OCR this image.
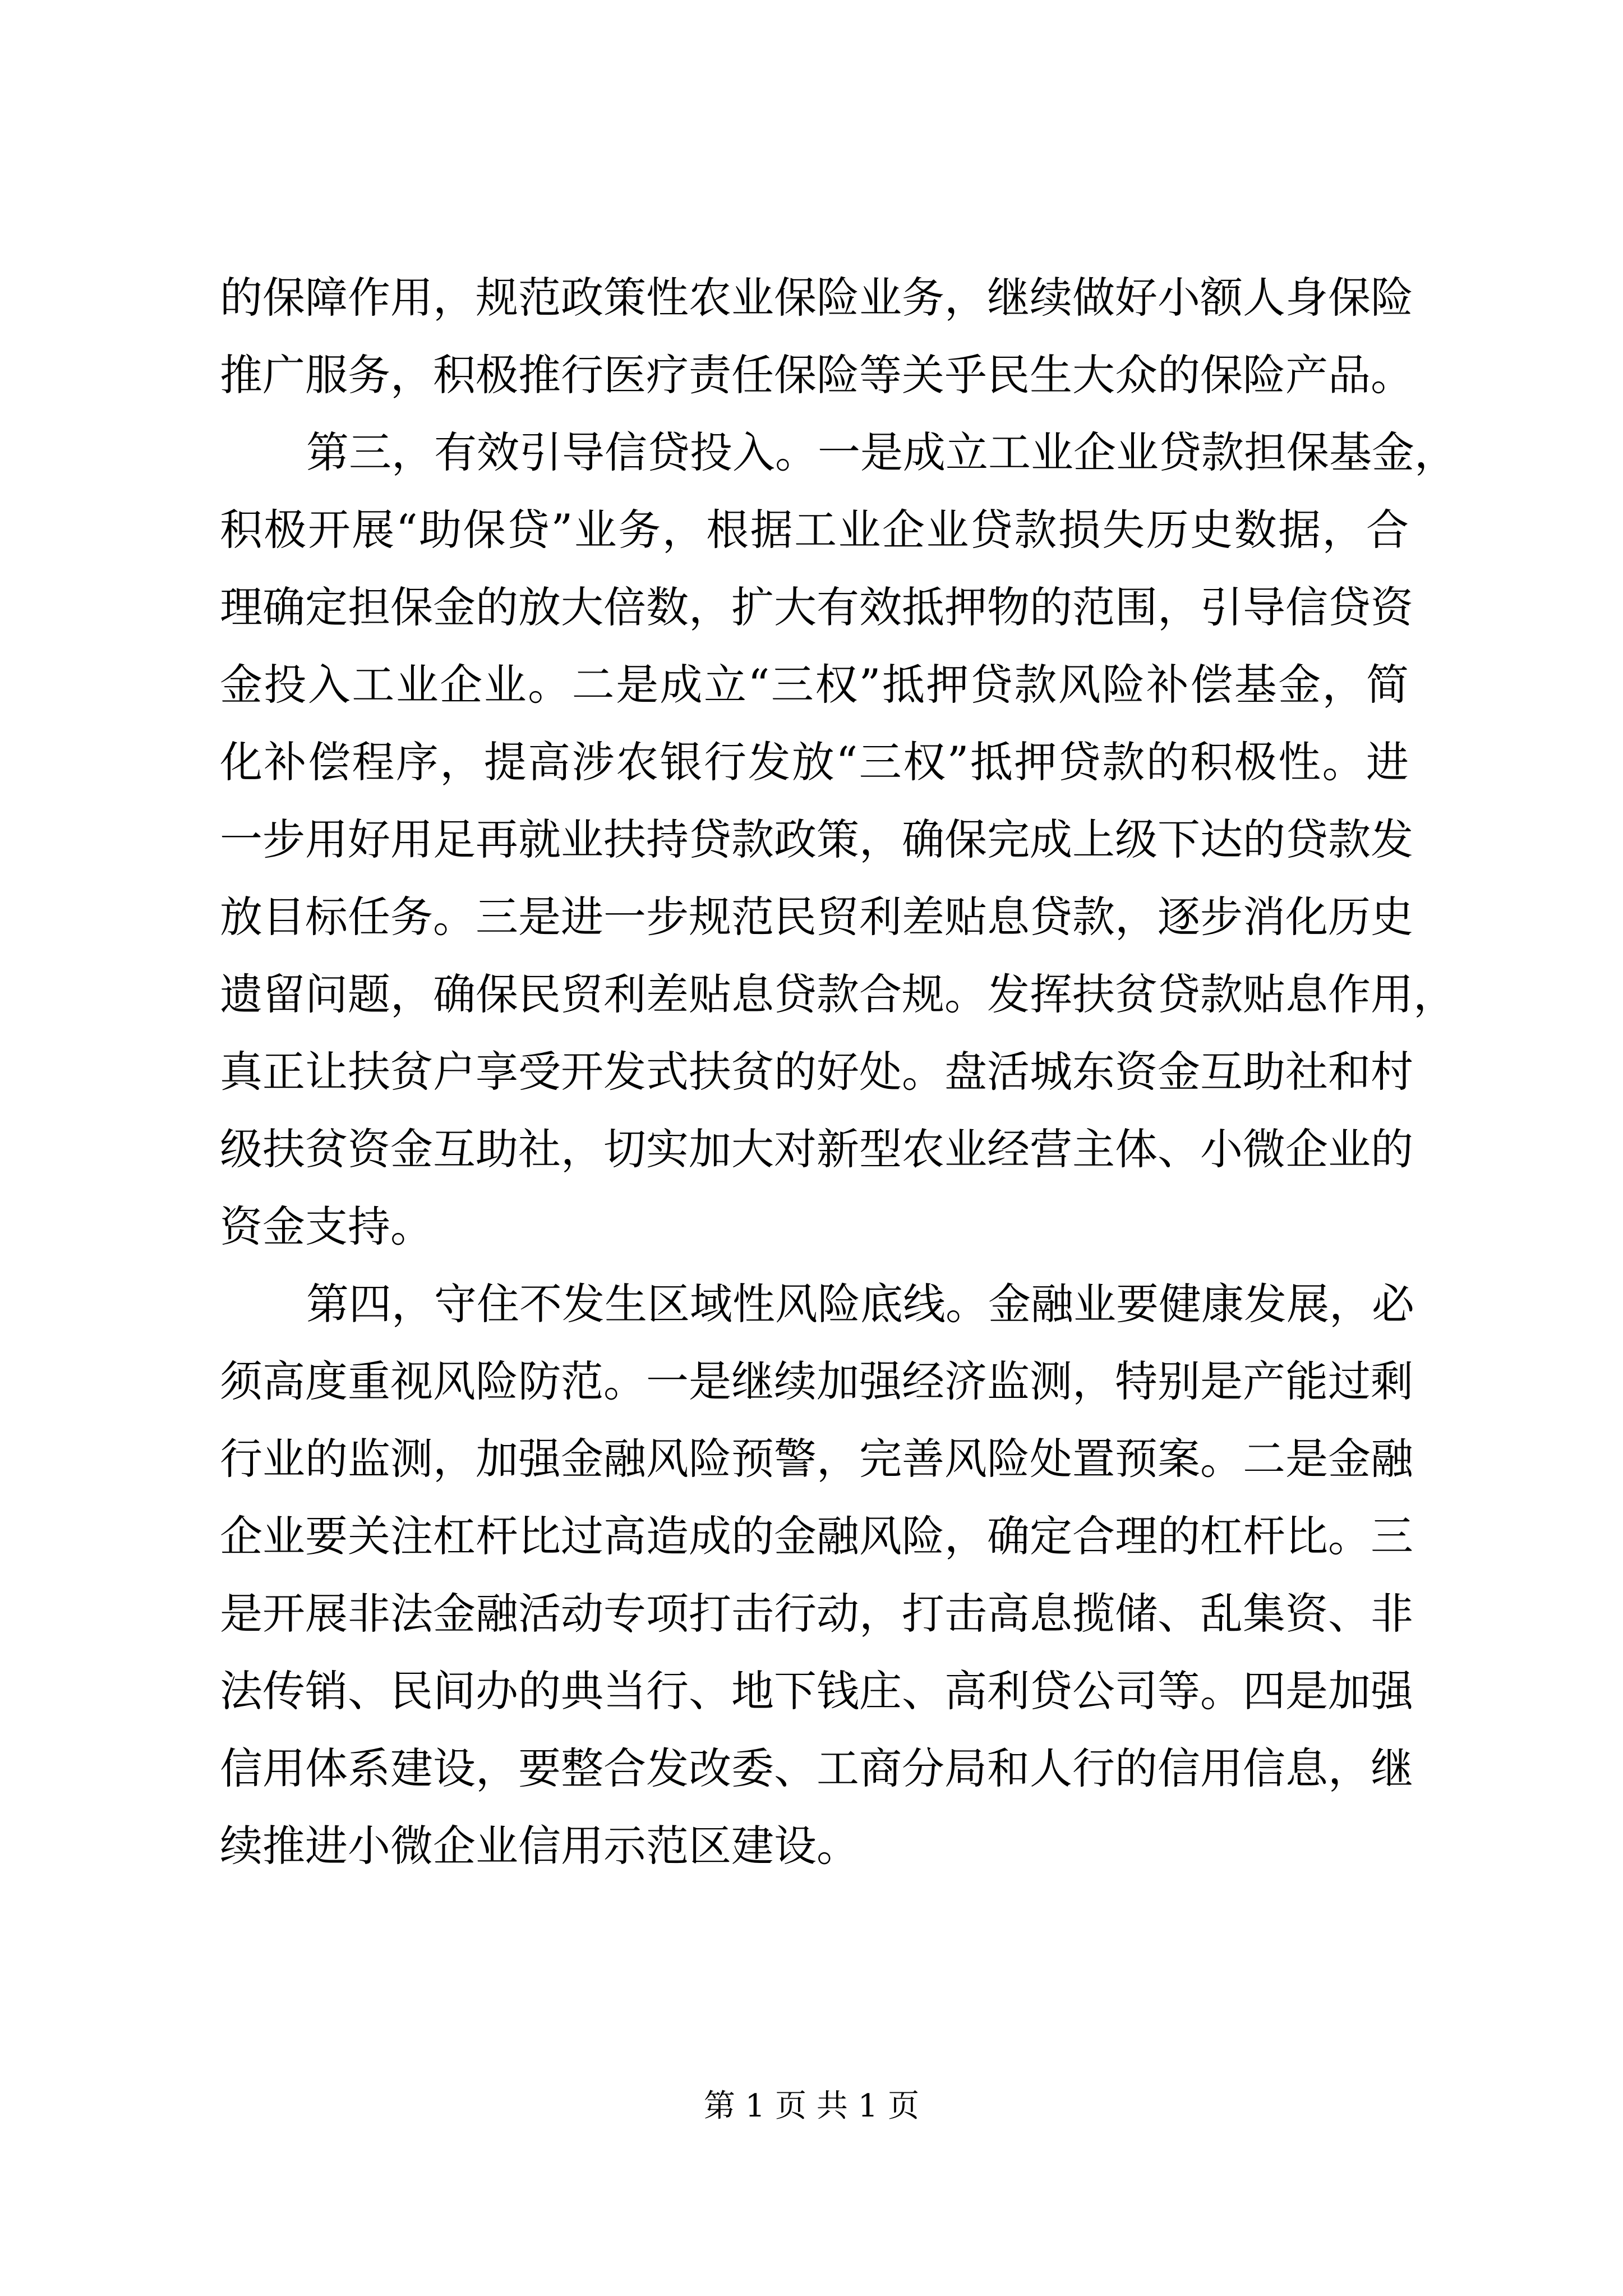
的保障作用，规范政策性农业保险业务，继续做好小额人身保险
推广服务，积极推行医疗责任保险等关乎民生大众的保险产品。
第三，有效引导信贷投入。一是成立工业企业贷款担保基金，
积极开展“助保贷”业务，根据工业企业贷款损失历史数据，合
理确定担保金的放大倍数，扩大有效抵押物的范围，引导信贷资
金投入工业企业。二是成立“三权”抵押贷款风险补偿基金，简
化补偿程序，提高涉农银行发放“三权”抵押贷款的积极性。进
一步用好用足再就业扶持贷款政策，确保完成上级下达的贷款发
放目标任务。三是进一步规范民贸利差贴息贷款，逐步消化历史
遗留问题，确保民贸利差贴息贷款合规。发挥扶贫贷款贴息作用，
真正让扶贫户享受开发式扶贫的好处。盘活城东资金互助社和村
级扶贫资金互助社，切实加大对新型农业经营主体、小微企业的
资金支持。
第四，守住不发生区域性风险底线。金融业要健康发展，必
须高度重视风险防范。一是继续加强经济监测，特别是产能过剩
行业的监测，加强金融风险预警，完善风险处置预案。二是金融
企业要关注杠杆比过高造成的金融风险，确定合理的杠杆比。三
是开展非法金融活动专项打击行动，打击高息揽储、乱集资、非
法传销、民间办的典当行、地下钱庄、高利贷公司等。四是加强
信用体系建设，要整合发改委、工商分局和人行的信用信息，继
续推进小微企业信用示范区建设。
第 1 页 共 1 页
